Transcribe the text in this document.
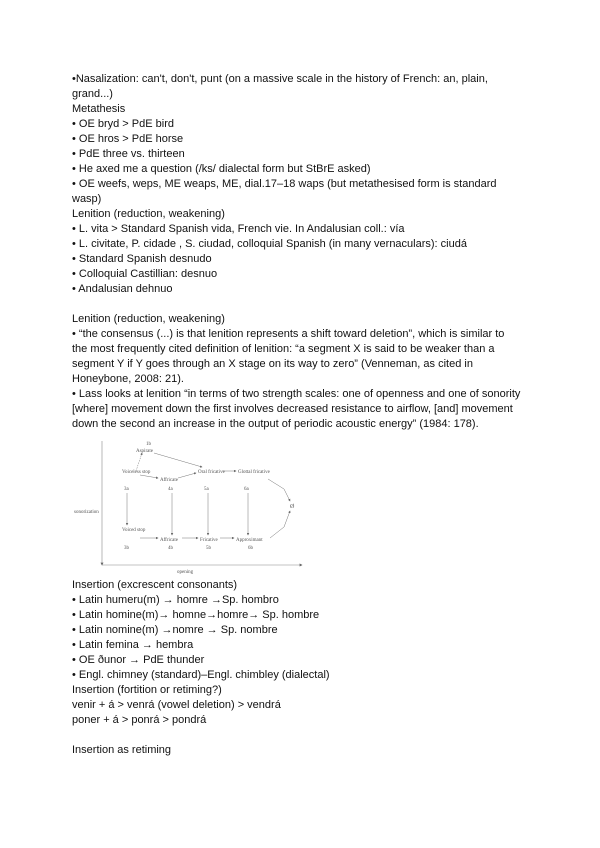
•Nasalization: can't, don't, punt (on a massive scale in the history of French: an, plain,

grand...)

Metathesis

• OE bryd > PdE bird

• OE hros > PdE horse

• PdE three vs. thirteen

• He axed me a question (/ks/ dialectal form but StBrE asked)

• OE weefs, weps, ME weaps, ME, dial.17–18 waps (but metathesised form is standard

wasp)

Lenition (reduction, weakening)

• L. vita > Standard Spanish vida, French vie. In Andalusian coll.: vía

• L. civitate, P. cidade , S. ciudad, colloquial Spanish (in many vernaculars): ciudá

• Standard Spanish desnudo

• Colloquial Castillian: desnuo

• Andalusian dehnuo

Lenition (reduction, weakening)

• “the consensus (...) is that lenition represents a shift toward deletion”, which is similar to

the most frequently cited definition of lenition: “a segment X is said to be weaker than a

segment Y if Y goes through an X stage on its way to zero” (Venneman, as cited in

Honeybone, 2008: 21).

• Lass looks at lenition “in terms of two strength scales: one of openness and one of sonority

[where] movement down the first involves decreased resistance to airflow, [and] movement

down the second an increase in the output of periodic acoustic energy” (1984: 178).

sonorization
opening
1b
Aspirate
Voiceless stop
3a
Affricate
4a
Oral fricative
5a
Glottal fricative
6a
Ø
Voiced stop
3b
Affricate
4b
Fricative
5b
Approximant
6b

Insertion (excrescent consonants)

• Latin humeru(m) → homre →Sp. hombro

• Latin homine(m)→ homne→homre→ Sp. hombre

• Latin nomine(m) →nomre → Sp. nombre

• Latin femina → hembra

• OE ðunor → PdE thunder

• Engl. chimney (standard)–Engl. chimbley (dialectal)

Insertion (fortition or retiming?)

venir + á > venrá (vowel deletion) > vendrá

poner + á > ponrá > pondrá

Insertion as retiming
